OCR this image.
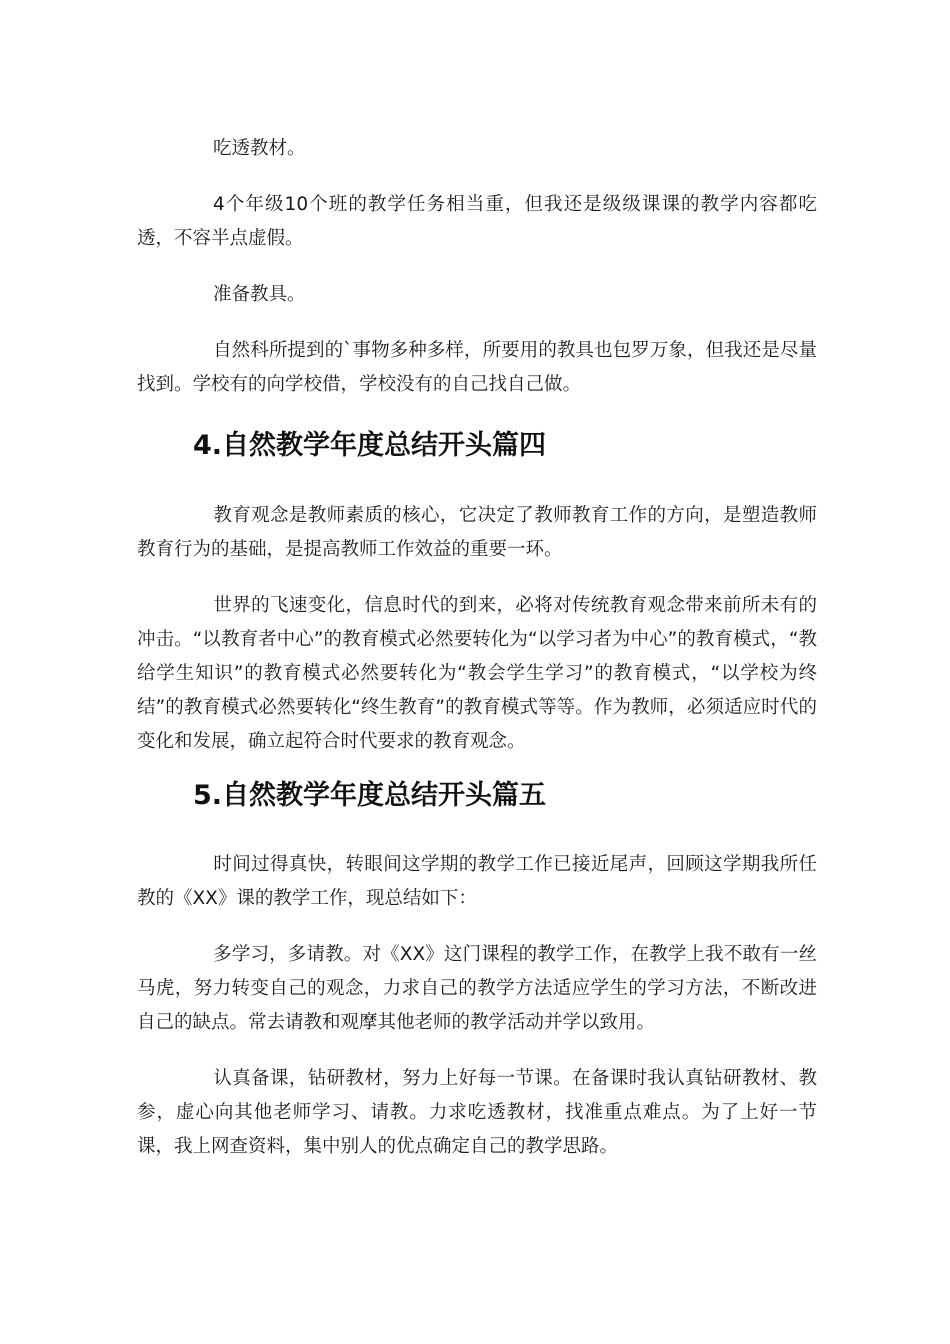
吃透教材。

4个年级10个班的教学任务相当重，但我还是级级课课的教学内容都吃透，不容半点虚假。

准备教具。

自然科所提到的`事物多种多样，所要用的教具也包罗万象，但我还是尽量找到。学校有的向学校借，学校没有的自己找自己做。

4.自然教学年度总结开头篇四

教育观念是教师素质的核心，它决定了教师教育工作的方向，是塑造教师教育行为的基础，是提高教师工作效益的重要一环。

世界的飞速变化，信息时代的到来，必将对传统教育观念带来前所未有的冲击。“以教育者中心”的教育模式必然要转化为“以学习者为中心”的教育模式，“教给学生知识”的教育模式必然要转化为“教会学生学习”的教育模式，“以学校为终结”的教育模式必然要转化“终生教育”的教育模式等等。作为教师，必须适应时代的变化和发展，确立起符合时代要求的教育观念。

5.自然教学年度总结开头篇五

时间过得真快，转眼间这学期的教学工作已接近尾声，回顾这学期我所任教的《XX》课的教学工作，现总结如下：

多学习，多请教。对《XX》这门课程的教学工作，在教学上我不敢有一丝马虎，努力转变自己的观念，力求自己的教学方法适应学生的学习方法，不断改进自己的缺点。常去请教和观摩其他老师的教学活动并学以致用。

认真备课，钻研教材，努力上好每一节课。在备课时我认真钻研教材、教参，虚心向其他老师学习、请教。力求吃透教材，找准重点难点。为了上好一节课，我上网查资料，集中别人的优点确定自己的教学思路。
